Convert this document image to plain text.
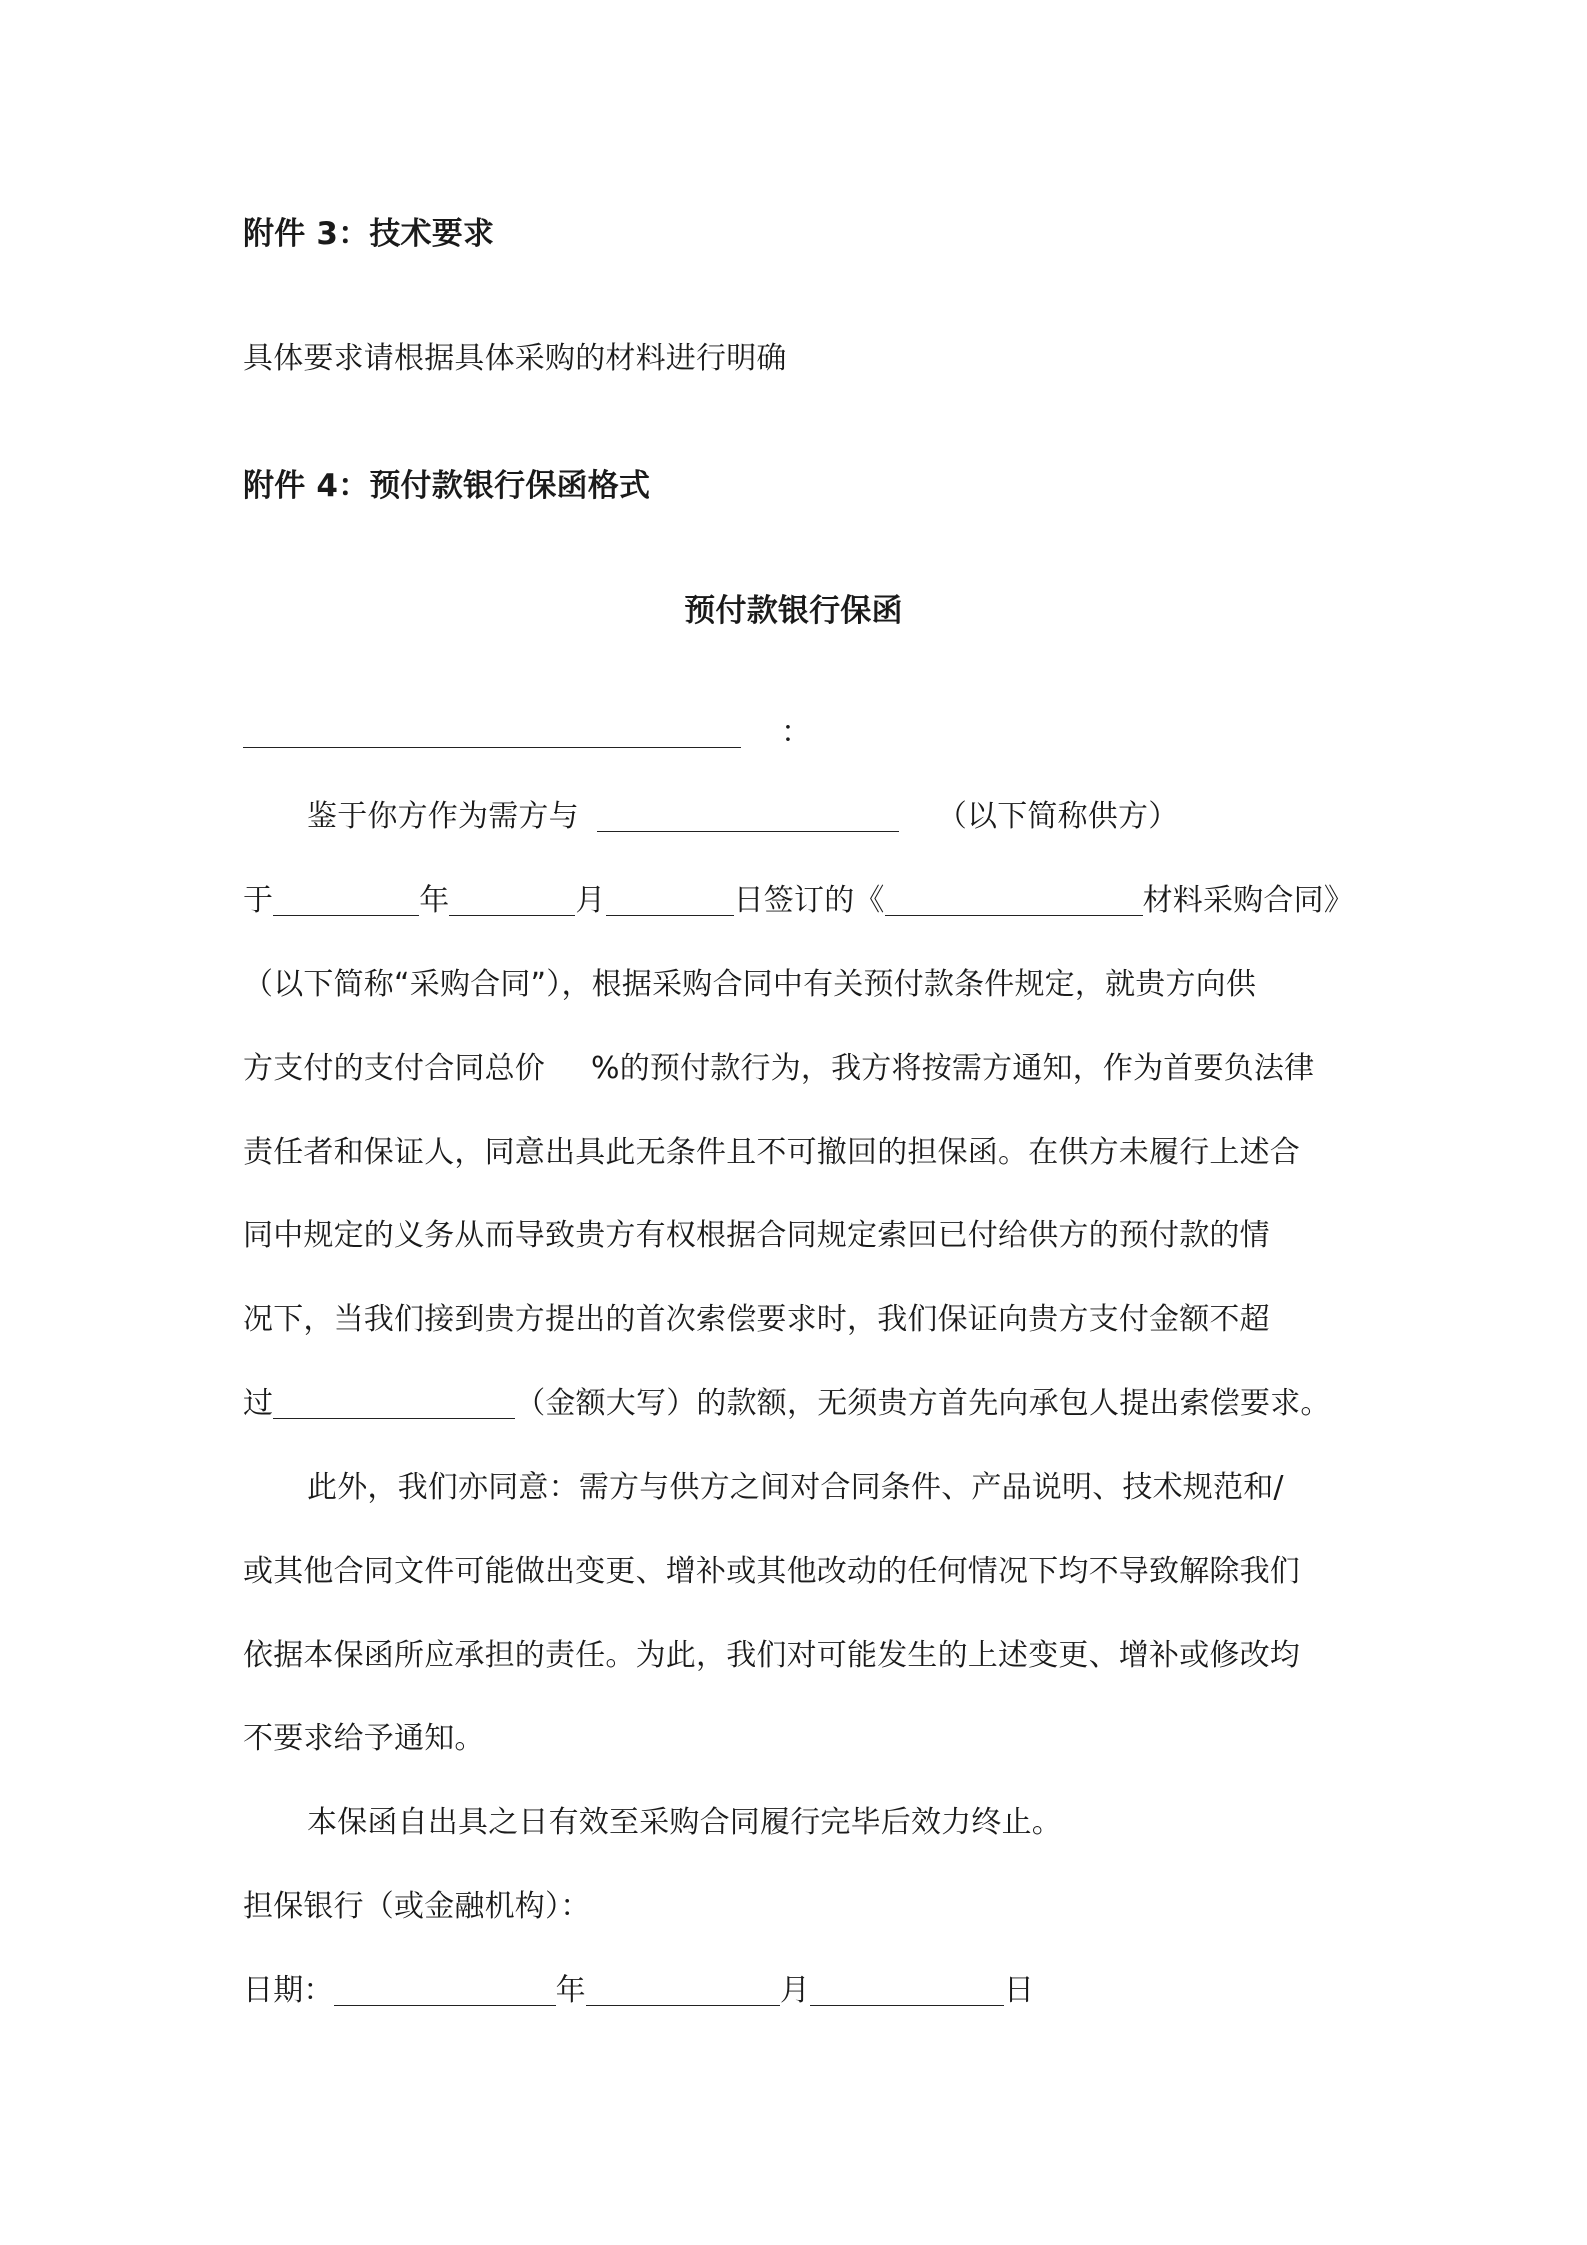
附件 3：技术要求
具体要求请根据具体采购的材料进行明确
附件 4：预付款银行保函格式
预付款银行保函
：
鉴于你方作为需方与	（以下简称供方）
于	年	月	日签订的《	材料采购合同》
（以下简称“采购合同”），根据采购合同中有关预付款条件规定，就贵方向供
方支付的支付合同总价 %的预付款行为，我方将按需方通知，作为首要负法律
责任者和保证人，同意出具此无条件且不可撤回的担保函。在供方未履行上述合
同中规定的义务从而导致贵方有权根据合同规定索回已付给供方的预付款的情
况下，当我们接到贵方提出的首次索偿要求时，我们保证向贵方支付金额不超
过	（金额大写）的款额，无须贵方首先向承包人提出索偿要求。
此外，我们亦同意：需方与供方之间对合同条件、产品说明、技术规范和/
或其他合同文件可能做出变更、增补或其他改动的任何情况下均不导致解除我们
依据本保函所应承担的责任。为此，我们对可能发生的上述变更、增补或修改均
不要求给予通知。
本保函自出具之日有效至采购合同履行完毕后效力终止。
担保银行（或金融机构）：
日期：	年	月	日
